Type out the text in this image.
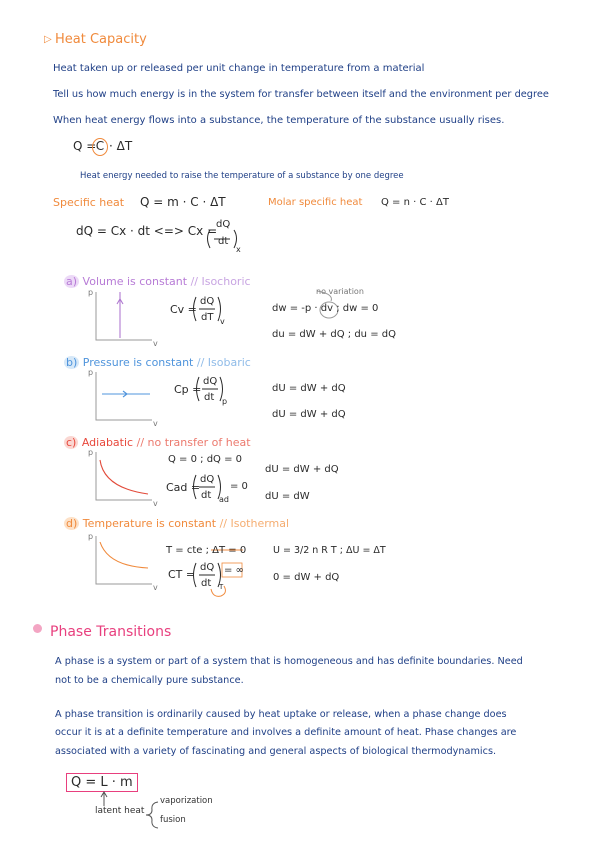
▷ Heat Capacity
Heat taken up or released per unit change in temperature from a material
Tell us how much energy is in the system for transfer between itself and the environment per degree
When heat energy flows into a substance, the temperature of the substance usually rises.
Q = C · ΔT
Heat energy needed to raise the temperature of a substance by one degree
Specific heat Q = m · C · ΔT	Molar specific heat Q = n · C · ΔT
dQ = Cx · dt <=> Cx =
dQ
dt
x
a) Volume is constant // Isochoric
b) Pressure is constant // Isobaric
c) Adiabatic // no transfer of heat
d) Temperature is constant // Isothermal
p
v
p
v
p
v
p
v
Cv =
dQ
dT v
dw = -p · dv ; dw = 0
no variation
du = dW + dQ ; du = dQ
Cp =
dQ
dt p
dU = dW + dQ
dU = dW + dQ
Q = 0 ; dQ = 0
Cad =
dQ
dt ad
= 0
dU = dW + dQ
dU = dW
T = cte ; ΔT = 0
CT =
dQ
dt T
= ∞
U = 3/2 n R T ; ΔU = ΔT
0 = dW + dQ
Phase Transitions
A phase is a system or part of a system that is homogeneous and has definite boundaries. Need
not to be a chemically pure substance.
A phase transition is ordinarily caused by heat uptake or release, when a phase change does
occur it is at a definite temperature and involves a definite amount of heat. Phase changes are
associated with a variety of fascinating and general aspects of biological thermodynamics.
Q = L · m
latent heat
vaporization
fusion
